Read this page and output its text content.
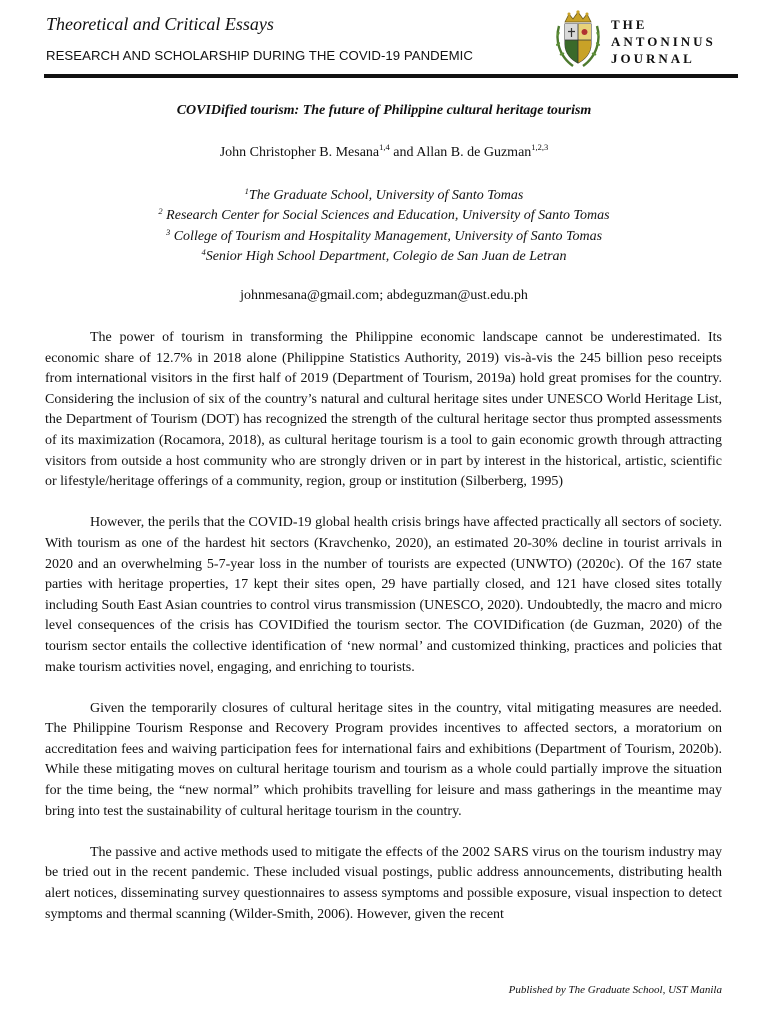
Theoretical and Critical Essays
RESEARCH AND SCHOLARSHIP DURING THE COVID-19 PANDEMIC
THE
ANTONINUS
JOURNAL
COVIDified tourism: The future of Philippine cultural heritage tourism
John Christopher B. Mesana$^{1,4}$ and Allan B. de Guzman$^{1,2,3}$
$^1$The Graduate School, University of Santo Tomas
$^2$ Research Center for Social Sciences and Education, University of Santo Tomas
$^3$ College of Tourism and Hospitality Management, University of Santo Tomas
$^4$Senior High School Department, Colegio de San Juan de Letran
johnmesana@gmail.com; abdeguzman@ust.edu.ph

The power of tourism in transforming the Philippine economic landscape cannot be underestimated. Its economic share of 12.7% in 2018 alone (Philippine Statistics Authority, 2019) vis-à-vis the 245 billion peso receipts from international visitors in the first half of 2019 (Department of Tourism, 2019a) hold great promises for the country. Considering the inclusion of six of the country’s natural and cultural heritage sites under UNESCO World Heritage List, the Department of Tourism (DOT) has recognized the strength of the cultural heritage sector thus prompted assessments of its maximization (Rocamora, 2018), as cultural heritage tourism is a tool to gain economic growth through attracting visitors from outside a host community who are strongly driven or in part by interest in the historical, artistic, scientific or lifestyle/heritage offerings of a community, region, group or institution (Silberberg, 1995)

However, the perils that the COVID-19 global health crisis brings have affected practically all sectors of society. With tourism as one of the hardest hit sectors (Kravchenko, 2020), an estimated 20-30% decline in tourist arrivals in 2020 and an overwhelming 5-7-year loss in the number of tourists are expected (UNWTO) (2020c). Of the 167 state parties with heritage properties, 17 kept their sites open, 29 have partially closed, and 121 have closed sites totally including South East Asian countries to control virus transmission (UNESCO, 2020). Undoubtedly, the macro and micro level consequences of the crisis has COVIDified the tourism sector. The COVIDification (de Guzman, 2020) of the tourism sector entails the collective identification of ‘new normal’ and customized thinking, practices and policies that make tourism activities novel, engaging, and enriching to tourists.

Given the temporarily closures of cultural heritage sites in the country, vital mitigating measures are needed. The Philippine Tourism Response and Recovery Program provides incentives to affected sectors, a moratorium on accreditation fees and waiving participation fees for international fairs and exhibitions (Department of Tourism, 2020b). While these mitigating moves on cultural heritage tourism and tourism as a whole could partially improve the situation for the time being, the “new normal” which prohibits travelling for leisure and mass gatherings in the meantime may bring into test the sustainability of cultural heritage tourism in the country.

The passive and active methods used to mitigate the effects of the 2002 SARS virus on the tourism industry may be tried out in the recent pandemic. These included visual postings, public address announcements, distributing health alert notices, disseminating survey questionnaires to assess symptoms and possible exposure, visual inspection to detect symptoms and thermal scanning (Wilder-Smith, 2006). However, given the recent

Published by The Graduate School, UST Manila
